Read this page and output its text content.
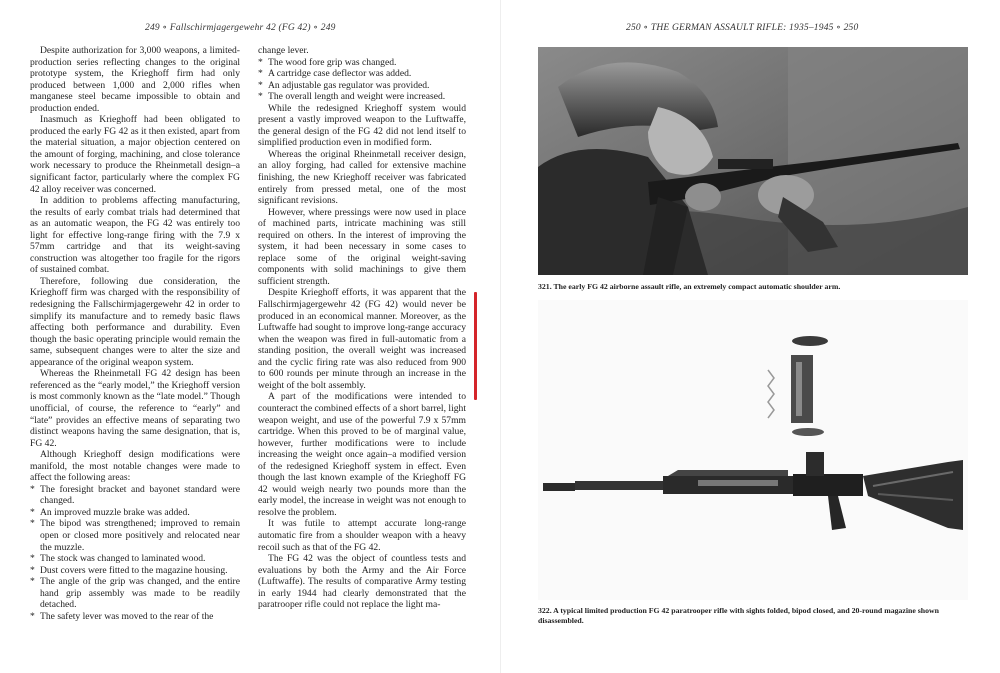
249 ∘ Fallschirmjagergewehr 42 (FG 42) ∘ 249

Despite authorization for 3,000 weapons, a limited-production series reflecting changes to the original prototype system, the Krieghoff firm had only produced between 1,000 and 2,000 rifles when manganese steel became impossible to obtain and production ended.

Inasmuch as Krieghoff had been obligated to produced the early FG 42 as it then existed, apart from the material situation, a major objection centered on the amount of forging, machining, and close tolerance work necessary to produce the Rheinmetall design–a significant factor, particularly where the complex FG 42 alloy receiver was concerned.

In addition to problems affecting manufacturing, the results of early combat trials had determined that as an automatic weapon, the FG 42 was entirely too light for effective long-range firing with the 7.9 x 57mm cartridge and that its weight-saving construction was altogether too fragile for the rigors of sustained combat.

Therefore, following due consideration, the Krieghoff firm was charged with the responsibility of redesigning the Fallschirmjagergewehr 42 in order to simplify its manufacture and to remedy basic flaws affecting both performance and durability. Even though the basic operating principle would remain the same, subsequent changes were to alter the size and appearance of the original weapon system.

Whereas the Rheinmetall FG 42 design has been referenced as the “early model,” the Krieghoff version is most commonly known as the “late model.” Though unofficial, of course, the reference to “early” and “late” provides an effective means of separating two distinct weapons having the same designation, that is, FG 42.

Although Krieghoff design modifications were manifold, the most notable changes were made to affect the following areas:

* The foresight bracket and bayonet standard were changed.

* An improved muzzle brake was added.

* The bipod was strengthened; improved to remain open or closed more positively and relocated near the muzzle.

* The stock was changed to laminated wood.

* Dust covers were fitted to the magazine housing.

* The angle of the grip was changed, and the entire hand grip assembly was made to be readily detached.

* The safety lever was moved to the rear of the

change lever.

* The wood fore grip was changed.

* A cartridge case deflector was added.

* An adjustable gas regulator was provided.

* The overall length and weight were increased.

While the redesigned Krieghoff system would present a vastly improved weapon to the Luftwaffe, the general design of the FG 42 did not lend itself to simplified production even in modified form.

Whereas the original Rheinmetall receiver design, an alloy forging, had called for extensive machine finishing, the new Krieghoff receiver was fabricated entirely from pressed metal, one of the most significant revisions.

However, where pressings were now used in place of machined parts, intricate machining was still required on others. In the interest of improving the system, it had been necessary in some cases to replace some of the original weight-saving components with solid machinings to give them sufficient strength.

Despite Krieghoff efforts, it was apparent that the Fallschirmjagergewehr 42 (FG 42) would never be produced in an economical manner. Moreover, as the Luftwaffe had sought to improve long-range accuracy when the weapon was fired in full-automatic from a standing position, the overall weight was increased and the cyclic firing rate was also reduced from 900 to 600 rounds per minute through an increase in the weight of the bolt assembly.

A part of the modifications were intended to counteract the combined effects of a short barrel, light weapon weight, and use of the powerful 7.9 x 57mm cartridge. When this proved to be of marginal value, however, further modifications were to include increasing the weight once again–a modified version of the redesigned Krieghoff system in effect. Even though the last known example of the Krieghoff FG 42 would weigh nearly two pounds more than the early model, the increase in weight was not enough to resolve the problem.

It was futile to attempt accurate long-range automatic fire from a shoulder weapon with a heavy recoil such as that of the FG 42.

The FG 42 was the object of countless tests and evaluations by both the Army and the Air Force (Luftwaffe). The results of comparative Army testing in early 1944 had clearly demonstrated that the paratrooper rifle could not replace the light ma-

250 ∘ THE GERMAN ASSAULT RIFLE: 1935–1945 ∘ 250
321. The early FG 42 airborne assault rifle, an extremely compact automatic shoulder arm.
322. A typical limited production FG 42 paratrooper rifle with sights folded, bipod closed, and 20-round magazine shown disassembled.
